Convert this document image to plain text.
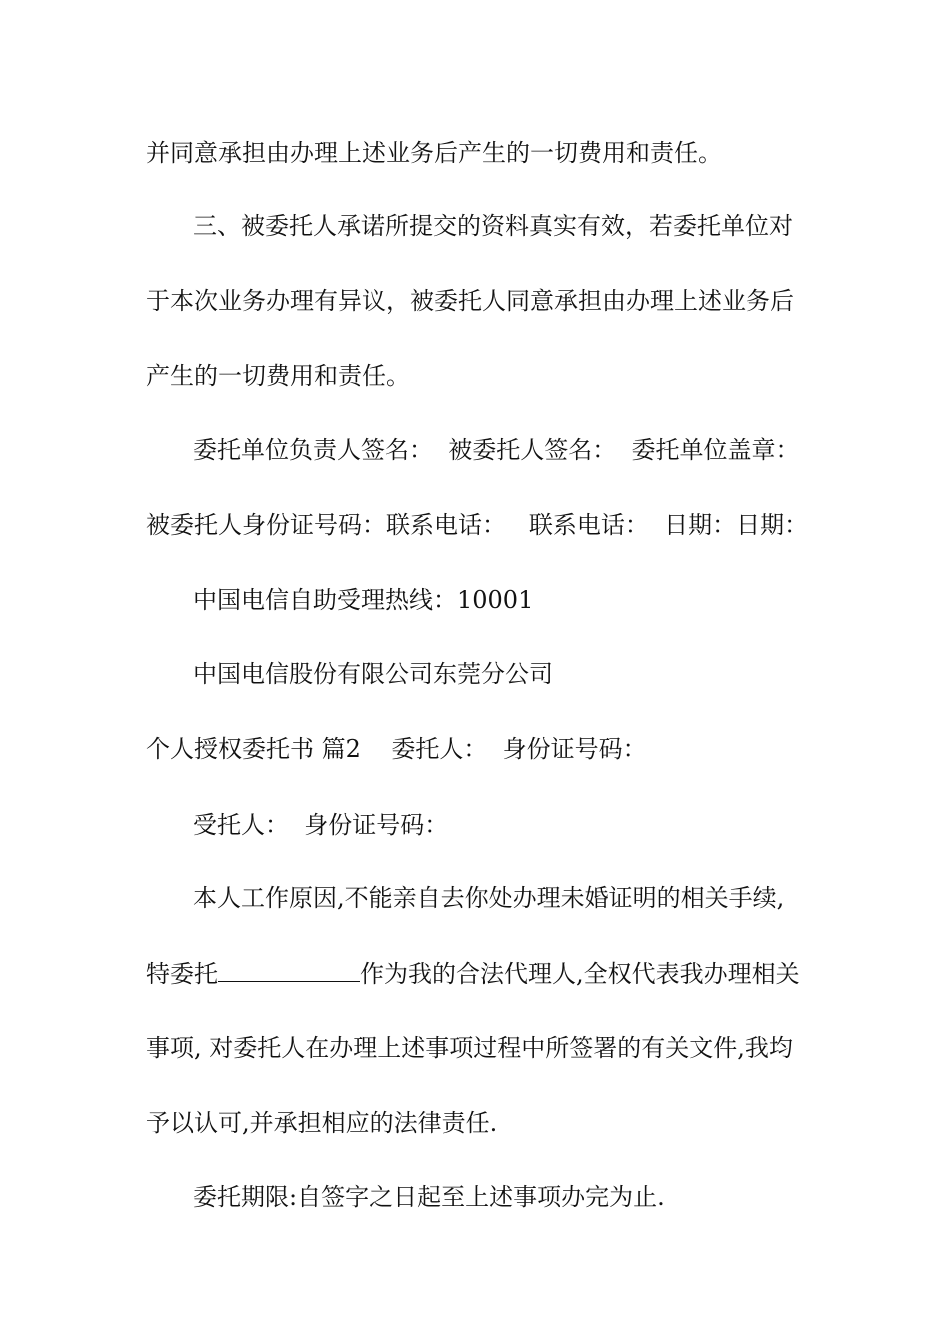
并同意承担由办理上述业务后产生的一切费用和责任。
三、被委托人承诺所提交的资料真实有效，若委托单位对
于本次业务办理有异议，被委托人同意承担由办理上述业务后
产生的一切费用和责任。
委托单位负责人签名：  被委托人签名：  委托单位盖章：
被委托人身份证号码：联系电话：   联系电话：  日期：日期：
中国电信自助受理热线：10001
中国电信股份有限公司东莞分公司
个人授权委托书 篇2    委托人：  身份证号码：
受托人：  身份证号码：
本人工作原因,不能亲自去你处办理未婚证明的相关手续,
特委托	作为我的合法代理人,全权代表我办理相关
事项, 对委托人在办理上述事项过程中所签署的有关文件,我均
予以认可,并承担相应的法律责任.
委托期限:自签字之日起至上述事项办完为止.
